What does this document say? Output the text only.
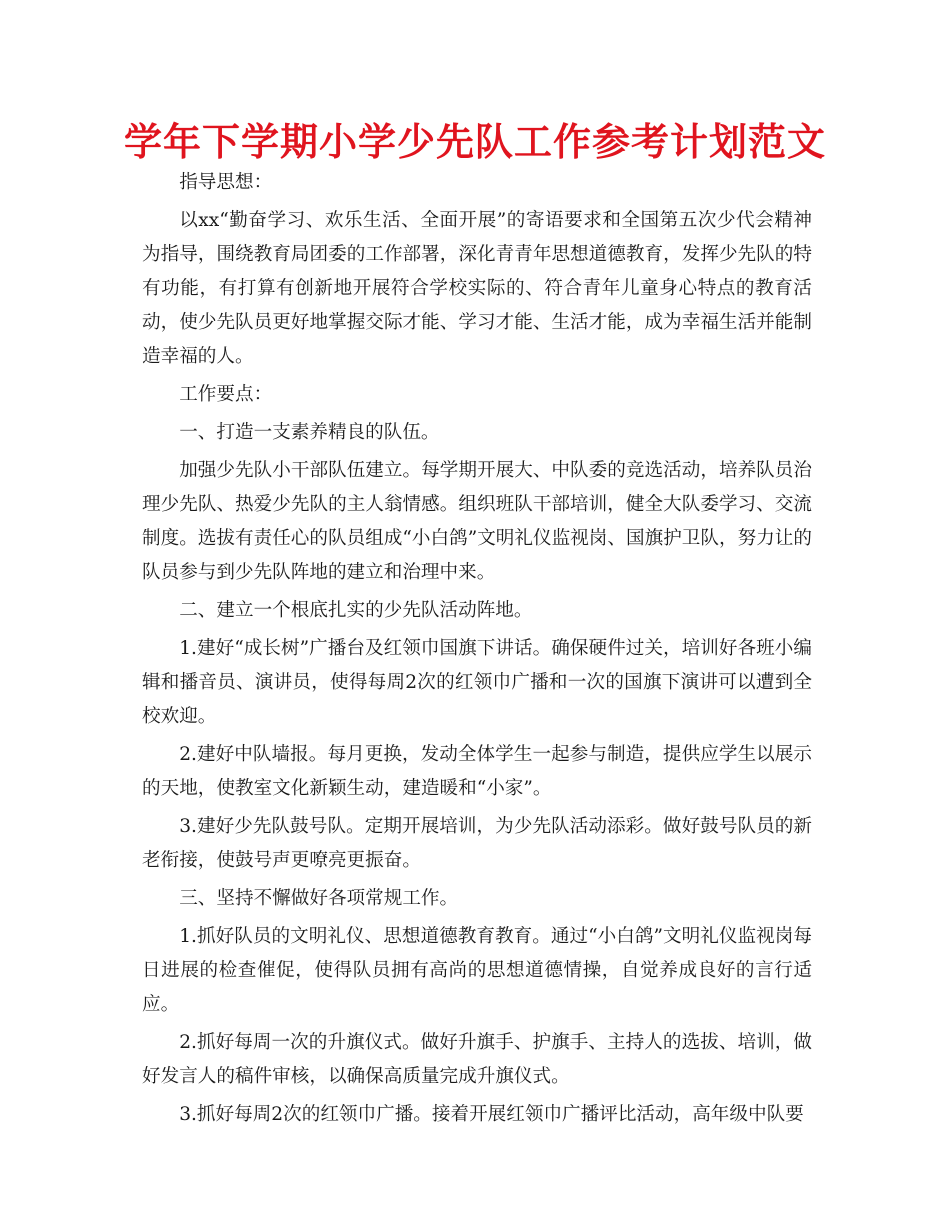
学年下学期小学少先队工作参考计划范文

指导思想：

以xx“勤奋学习、欢乐生活、全面开展”的寄语要求和全国第五次少代会精神为指导，围绕教育局团委的工作部署，深化青青年思想道德教育，发挥少先队的特有功能，有打算有创新地开展符合学校实际的、符合青年儿童身心特点的教育活动，使少先队员更好地掌握交际才能、学习才能、生活才能，成为幸福生活并能制造幸福的人。

工作要点：

一、打造一支素养精良的队伍。

加强少先队小干部队伍建立。每学期开展大、中队委的竞选活动，培养队员治理少先队、热爱少先队的主人翁情感。组织班队干部培训，健全大队委学习、交流制度。选拔有责任心的队员组成“小白鸽”文明礼仪监视岗、国旗护卫队，努力让的队员参与到少先队阵地的建立和治理中来。

二、建立一个根底扎实的少先队活动阵地。

1.建好“成长树”广播台及红领巾国旗下讲话。确保硬件过关，培训好各班小编辑和播音员、演讲员，使得每周2次的红领巾广播和一次的国旗下演讲可以遭到全校欢迎。

2.建好中队墙报。每月更换，发动全体学生一起参与制造，提供应学生以展示的天地，使教室文化新颖生动，建造暖和“小家”。

3.建好少先队鼓号队。定期开展培训，为少先队活动添彩。做好鼓号队员的新老衔接，使鼓号声更嘹亮更振奋。

三、坚持不懈做好各项常规工作。

1.抓好队员的文明礼仪、思想道德教育教育。通过“小白鸽”文明礼仪监视岗每日进展的检查催促，使得队员拥有高尚的思想道德情操，自觉养成良好的言行适应。

2.抓好每周一次的升旗仪式。做好升旗手、护旗手、主持人的选拔、培训，做好发言人的稿件审核，以确保高质量完成升旗仪式。

3.抓好每周2次的红领巾广播。接着开展红领巾广播评比活动，高年级中队要
